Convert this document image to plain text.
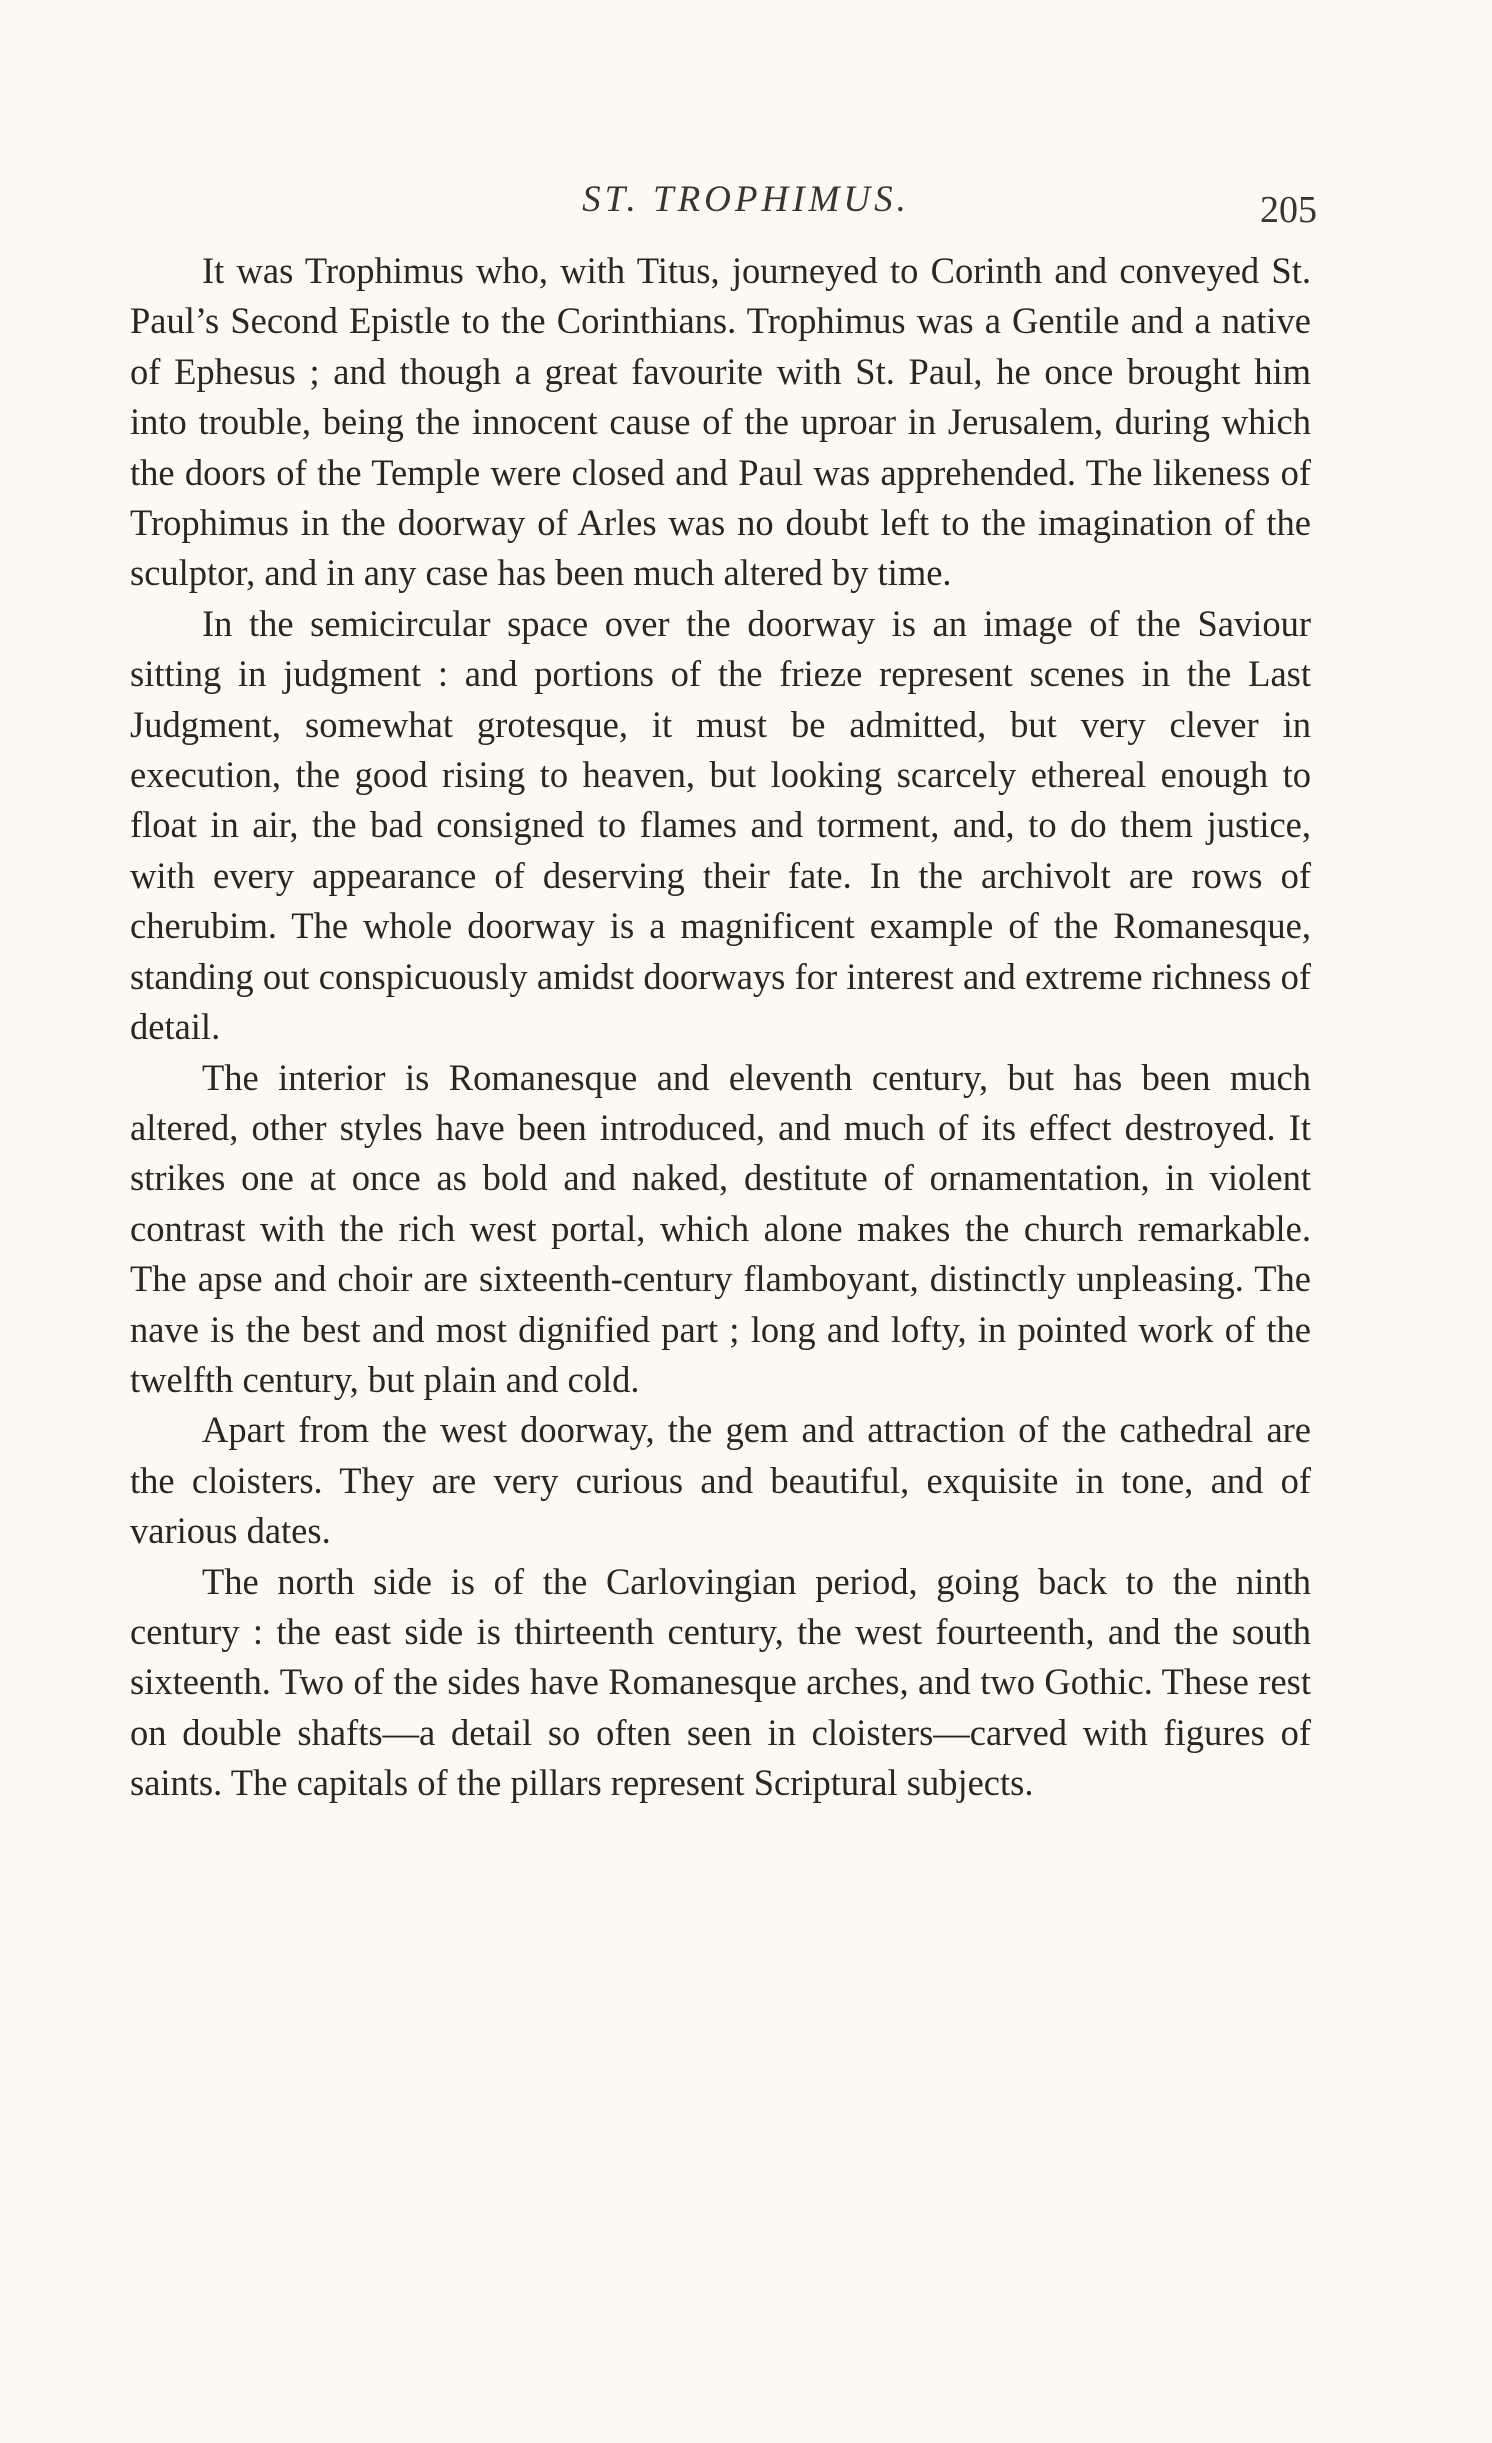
ST. TROPHIMUS.	205

It was Trophimus who, with Titus, journeyed to Corinth and conveyed St. Paul’s Second Epistle to the Corinthians. Trophimus was a Gentile and a native of Ephesus ; and though a great favourite with St. Paul, he once brought him into trouble, being the innocent cause of the uproar in Jerusalem, during which the doors of the Temple were closed and Paul was apprehended. The likeness of Trophimus in the doorway of Arles was no doubt left to the imagination of the sculptor, and in any case has been much altered by time.

In the semicircular space over the doorway is an image of the Saviour sitting in judgment : and portions of the frieze represent scenes in the Last Judgment, somewhat grotesque, it must be admitted, but very clever in execution, the good rising to heaven, but looking scarcely ethereal enough to float in air, the bad consigned to flames and torment, and, to do them justice, with every appearance of deserving their fate. In the archivolt are rows of cherubim. The whole doorway is a magnificent example of the Romanesque, standing out conspicuously amidst doorways for interest and extreme richness of detail.

The interior is Romanesque and eleventh century, but has been much altered, other styles have been introduced, and much of its effect destroyed. It strikes one at once as bold and naked, destitute of ornamentation, in violent contrast with the rich west portal, which alone makes the church remarkable. The apse and choir are sixteenth-century flamboyant, distinctly unpleasing. The nave is the best and most dignified part ; long and lofty, in pointed work of the twelfth century, but plain and cold.

Apart from the west doorway, the gem and attraction of the cathedral are the cloisters. They are very curious and beautiful, exquisite in tone, and of various dates.

The north side is of the Carlovingian period, going back to the ninth century : the east side is thirteenth century, the west fourteenth, and the south sixteenth. Two of the sides have Romanesque arches, and two Gothic. These rest on double shafts—a detail so often seen in cloisters—carved with figures of saints. The capitals of the pillars represent Scriptural subjects.
